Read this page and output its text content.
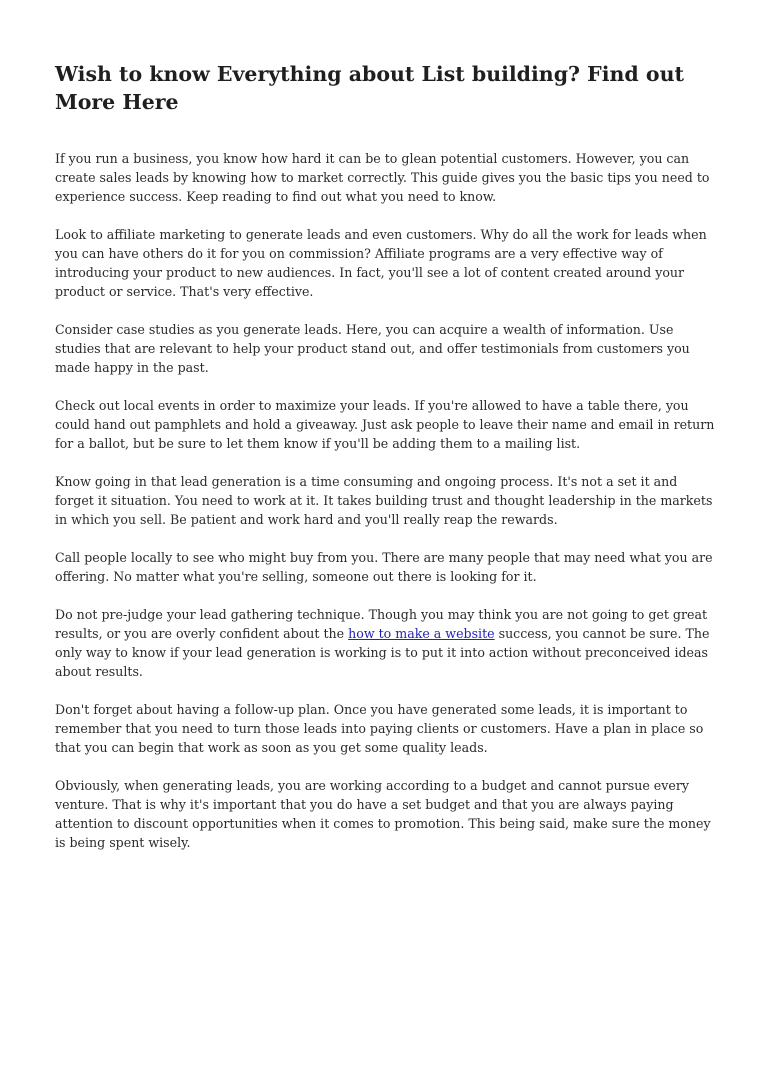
Wish to know Everything about List building? Find out More Here

If you run a business, you know how hard it can be to glean potential customers. However, you can create sales leads by knowing how to market correctly. This guide gives you the basic tips you need to experience success. Keep reading to find out what you need to know.

Look to affiliate marketing to generate leads and even customers. Why do all the work for leads when you can have others do it for you on commission? Affiliate programs are a very effective way of introducing your product to new audiences. In fact, you'll see a lot of content created around your product or service. That's very effective.

Consider case studies as you generate leads. Here, you can acquire a wealth of information. Use studies that are relevant to help your product stand out, and offer testimonials from customers you made happy in the past.

Check out local events in order to maximize your leads. If you're allowed to have a table there, you could hand out pamphlets and hold a giveaway. Just ask people to leave their name and email in return for a ballot, but be sure to let them know if you'll be adding them to a mailing list.

Know going in that lead generation is a time consuming and ongoing process. It's not a set it and forget it situation. You need to work at it. It takes building trust and thought leadership in the markets in which you sell. Be patient and work hard and you'll really reap the rewards.

Call people locally to see who might buy from you. There are many people that may need what you are offering. No matter what you're selling, someone out there is looking for it.

Do not pre-judge your lead gathering technique. Though you may think you are not going to get great results, or you are overly confident about the how to make a website success, you cannot be sure. The only way to know if your lead generation is working is to put it into action without preconceived ideas about results.

Don't forget about having a follow-up plan. Once you have generated some leads, it is important to remember that you need to turn those leads into paying clients or customers. Have a plan in place so that you can begin that work as soon as you get some quality leads.

Obviously, when generating leads, you are working according to a budget and cannot pursue every venture. That is why it's important that you do have a set budget and that you are always paying attention to discount opportunities when it comes to promotion. This being said, make sure the money is being spent wisely.
